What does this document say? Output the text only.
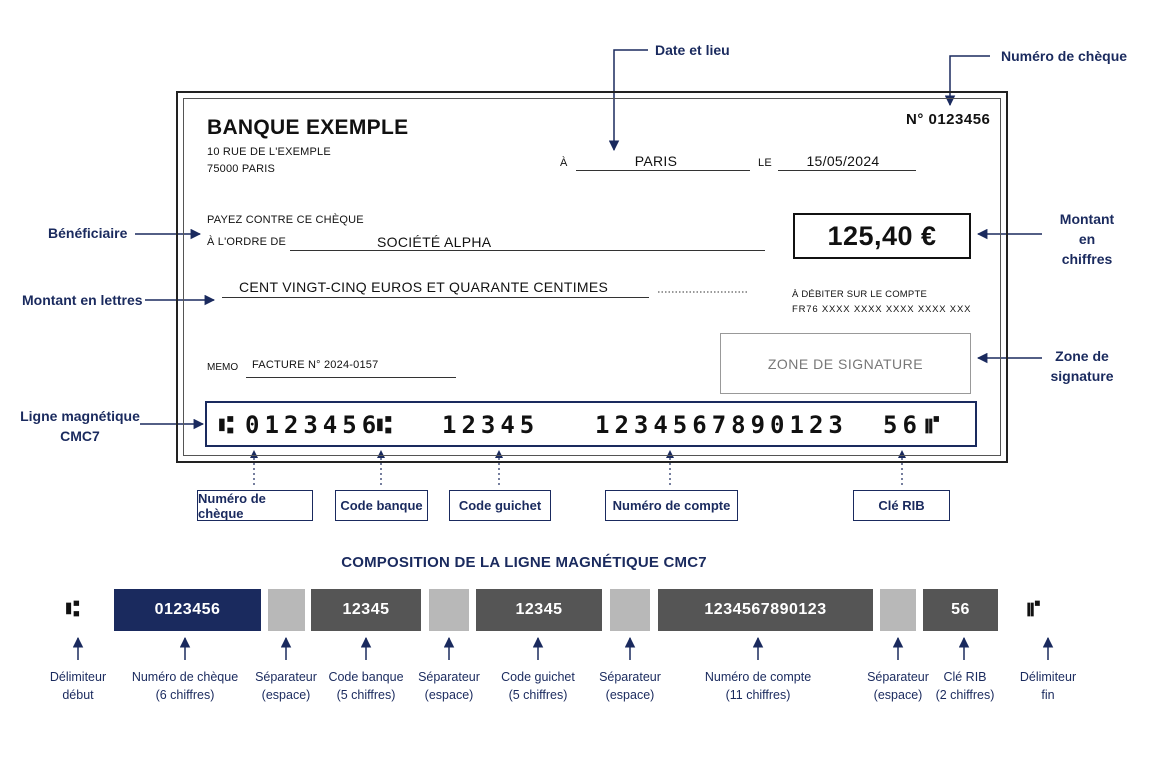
Date et lieu	Numéro de chèque
Bénéficiaire
Montant
en chiffres
Montant en lettres
Zone de
signature
Ligne magnétique
CMC7
BANQUE EXEMPLE
10 RUE DE L'EXEMPLE
75000 PARIS
N° 0123456
À	PARIS	LE	15/05/2024
PAYEZ CONTRE CE CHÈQUE
À L'ORDRE DE	SOCIÉTÉ ALPHA	125,40 €
CENT VINGT-CINQ EUROS ET QUARANTE CENTIMES	À DÉBITER SUR LE COMPTE
FR76 XXXX XXXX XXXX XXXX XXX
MEMO FACTURE N° 2024-0157	ZONE DE SIGNATURE
⑆ 0123456
⑆ 12345 1234567890123 56 ⑈
Numéro de chèque	Code banque	Code guichet	Numéro de compte	Clé RIB
COMPOSITION DE LA LIGNE MAGNÉTIQUE CMC7
⑆	0123456	12345	12345	1234567890123	56	⑈
Délimiteur
début
Numéro de chèque
(6 chiffres)
Séparateur
(espace)
Code banque
(5 chiffres)
Séparateur
(espace)
Code guichet
(5 chiffres)
Séparateur
(espace)
Numéro de compte
(11 chiffres)
Séparateur
(espace)
Clé RIB
(2 chiffres)
Délimiteur
fin
